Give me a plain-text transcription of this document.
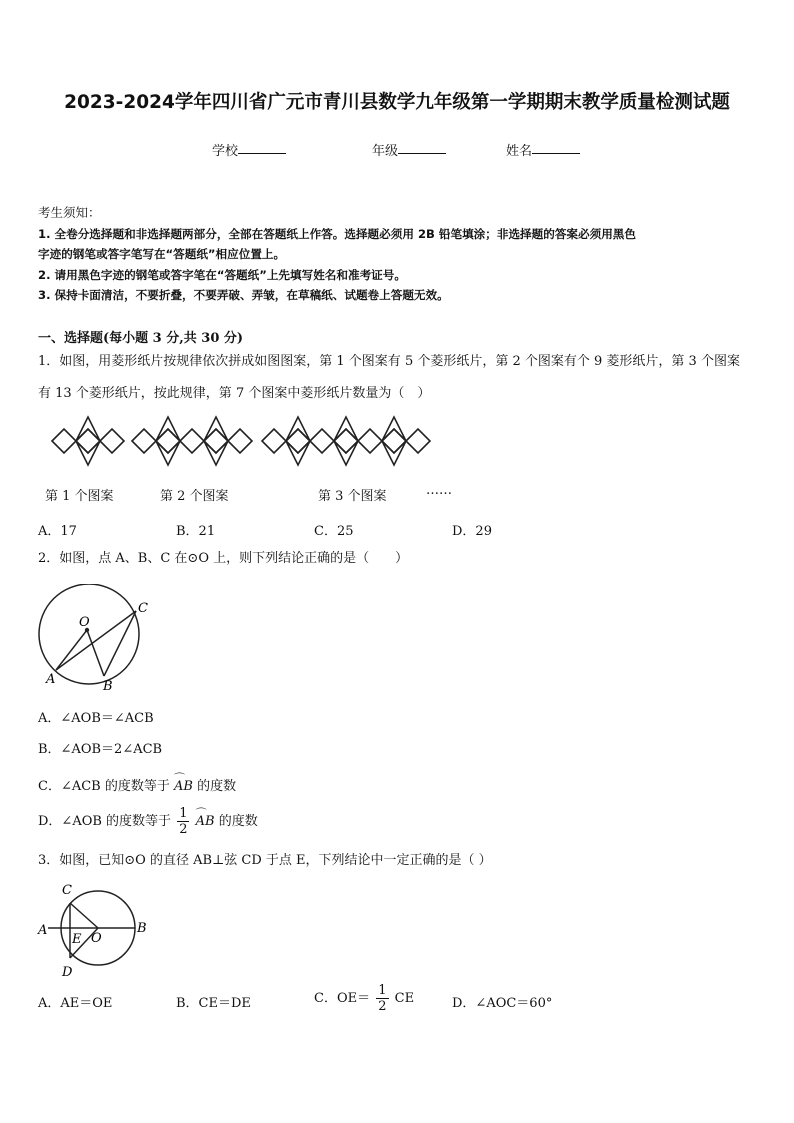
2023-2024学年四川省广元市青川县数学九年级第一学期期末教学质量检测试题
学校	年级	姓名
考生须知：
1. 全卷分选择题和非选择题两部分，全部在答题纸上作答。选择题必须用 2B 铅笔填涂；非选择题的答案必须用黑色
字迹的钢笔或答字笔写在“答题纸”相应位置上。
2. 请用黑色字迹的钢笔或答字笔在“答题纸”上先填写姓名和准考证号。
3. 保持卡面清洁，不要折叠，不要弄破、弄皱，在草稿纸、试题卷上答题无效。
一、选择题(每小题 3 分,共 30 分)
1．如图，用菱形纸片按规律依次拼成如图图案，第 1 个图案有 5 个菱形纸片，第 2 个图案有个 9 菱形纸片，第 3 个图案
有 13 个菱形纸片，按此规律，第 7 个图案中菱形纸片数量为（　）
第 1 个图案	第 2 个图案	第 3 个图案	……
A．17	B．21	C．25	D．29
2．如图，点 A、B、C 在⊙O 上，则下列结论正确的是（　　）
O
C
A	B
A．∠AOB＝∠ACB
B．∠AOB＝2∠ACB
C．∠ACB 的度数等于 ⌒ AB 的度数
D．∠AOB 的度数等于 $\frac{1}{2}$ ⌒ AB 的度数
3．如图，已知⊙O 的直径 AB⊥弦 CD 于点 E，下列结论中一定正确的是（ ）
C
A
E O
B
D
A．AE＝OE	B．CE＝DE	C．$OE= \frac{1}{2}$ CE	D．∠AOC＝60°
